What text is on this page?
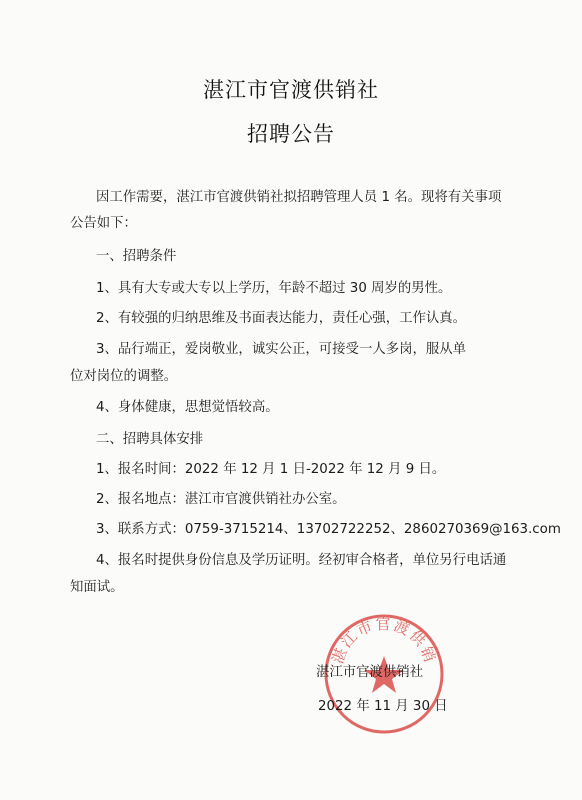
湛江市官渡供销社
招聘公告
因工作需要，湛江市官渡供销社拟招聘管理人员 1 名。现将有关事项
公告如下：
一、招聘条件
1、具有大专或大专以上学历，年龄不超过 30 周岁的男性。
2、有较强的归纳思维及书面表达能力，责任心强，工作认真。
3、品行端正，爱岗敬业，诚实公正，可接受一人多岗，服从单
位对岗位的调整。
4、身体健康，思想觉悟较高。
二、招聘具体安排
1、报名时间：2022 年 12 月 1 日-2022 年 12 月 9 日。
2、报名地点：湛江市官渡供销社办公室。
3、联系方式：0759-3715214、13702722252、2860270369@163.com
4、报名时提供身份信息及学历证明。经初审合格者，单位另行电话通
知面试。
湛江市官渡供销
湛江市官渡供销社
2022 年 11 月 30 日
